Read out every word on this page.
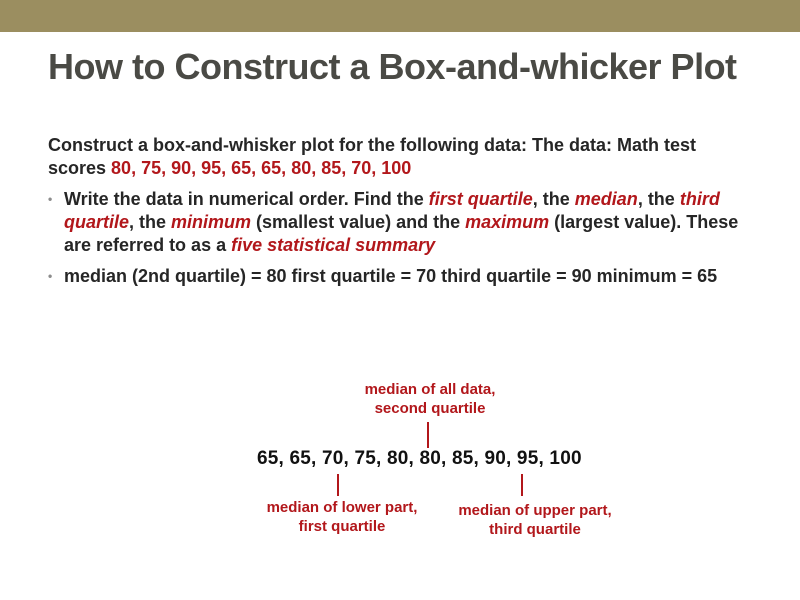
How to Construct a Box-and-whicker Plot

Construct a box-and-whisker plot for the following data: The data: Math test scores 80, 75, 90, 95, 65, 65, 80, 85, 70, 100

• Write the data in numerical order. Find the first quartile, the median, the third quartile, the minimum (smallest value) and the maximum (largest value). These are referred to as a five statistical summary
• median (2nd quartile) = 80 first quartile = 70 third quartile = 90 minimum = 65
median of all data,
second quartile
65, 65, 70, 75, 80, 80, 85, 90, 95, 100
median of lower part,
first quartile
median of upper part,
third quartile
